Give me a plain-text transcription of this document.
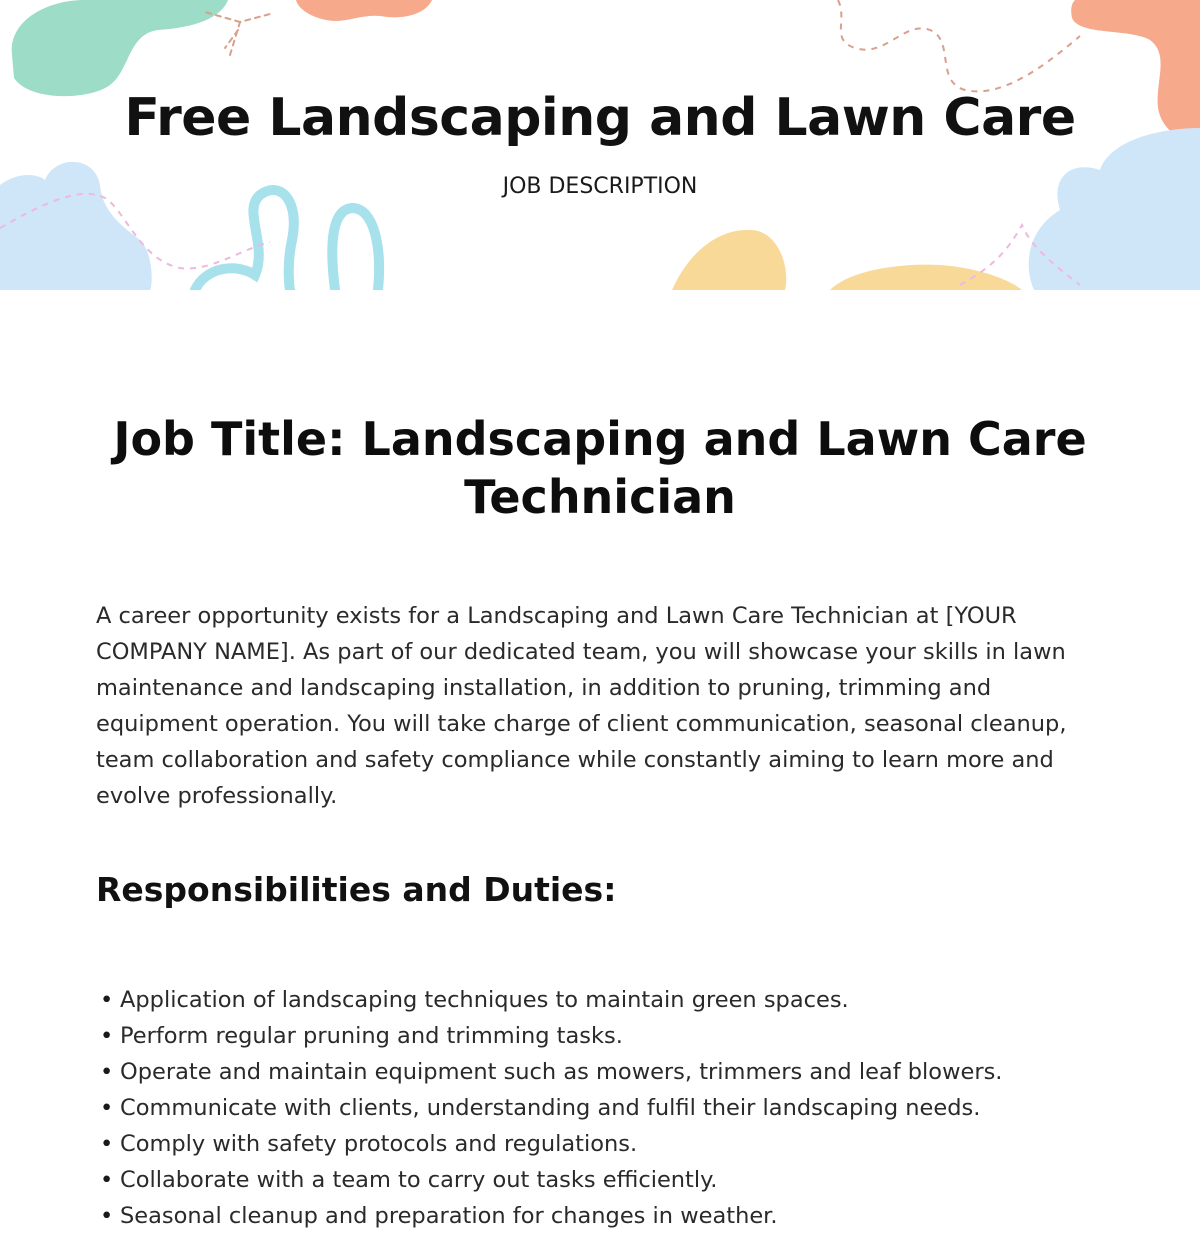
Free Landscaping and Lawn Care
JOB DESCRIPTION
Job Title: Landscaping and Lawn Care Technician

A career opportunity exists for a Landscaping and Lawn Care Technician at [YOUR COMPANY NAME]. As part of our dedicated team, you will showcase your skills in lawn maintenance and landscaping installation, in addition to pruning, trimming and equipment operation. You will take charge of client communication, seasonal cleanup, team collaboration and safety compliance while constantly aiming to learn more and evolve professionally.

Responsibilities and Duties:
• Application of landscaping techniques to maintain green spaces.
• Perform regular pruning and trimming tasks.
• Operate and maintain equipment such as mowers, trimmers and leaf blowers.
• Communicate with clients, understanding and fulfil their landscaping needs.
• Comply with safety protocols and regulations.
• Collaborate with a team to carry out tasks efficiently.
• Seasonal cleanup and preparation for changes in weather.
